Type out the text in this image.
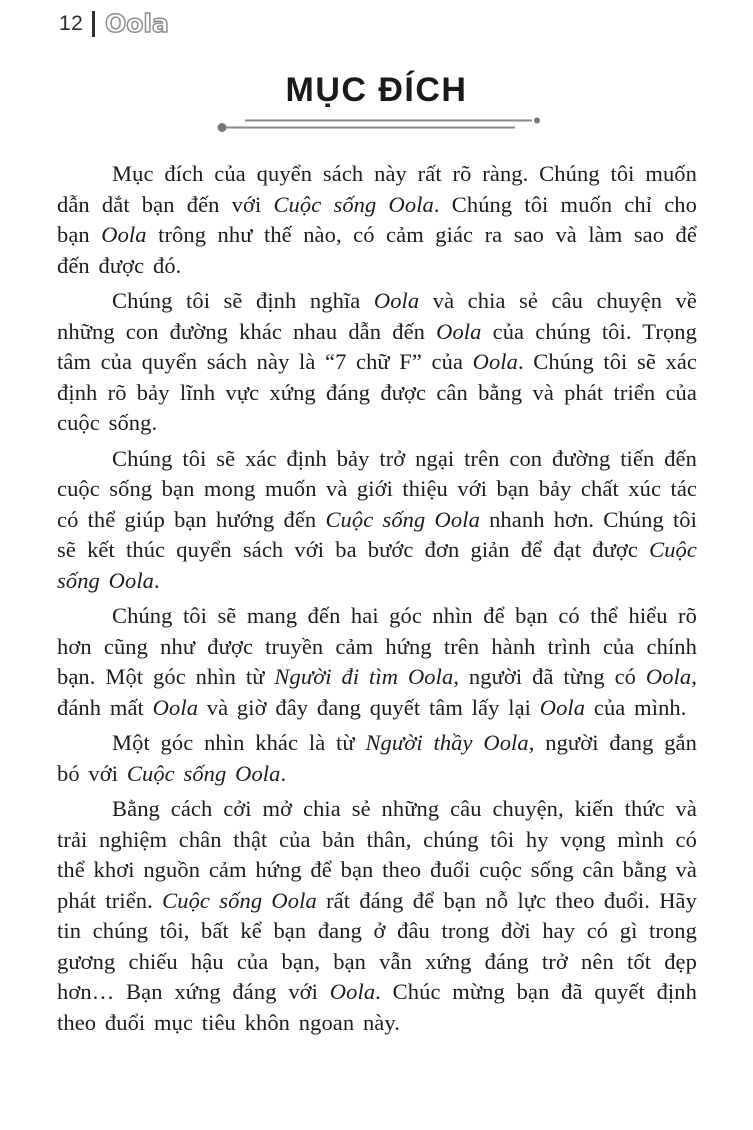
12 Oola
MỤC ĐÍCH

Mục đích của quyển sách này rất rõ ràng. Chúng tôi muốn dẫn dắt bạn đến với Cuộc sống Oola. Chúng tôi muốn chỉ cho bạn Oola trông như thế nào, có cảm giác ra sao và làm sao để đến được đó.

Chúng tôi sẽ định nghĩa Oola và chia sẻ câu chuyện về những con đường khác nhau dẫn đến Oola của chúng tôi. Trọng tâm của quyển sách này là “7 chữ F” của Oola. Chúng tôi sẽ xác định rõ bảy lĩnh vực xứng đáng được cân bằng và phát triển của cuộc sống.

Chúng tôi sẽ xác định bảy trở ngại trên con đường tiến đến cuộc sống bạn mong muốn và giới thiệu với bạn bảy chất xúc tác có thể giúp bạn hướng đến Cuộc sống Oola nhanh hơn. Chúng tôi sẽ kết thúc quyển sách với ba bước đơn giản để đạt được Cuộc sống Oola.

Chúng tôi sẽ mang đến hai góc nhìn để bạn có thể hiểu rõ hơn cũng như được truyền cảm hứng trên hành trình của chính bạn. Một góc nhìn từ Người đi tìm Oola, người đã từng có Oola, đánh mất Oola và giờ đây đang quyết tâm lấy lại Oola của mình.

Một góc nhìn khác là từ Người thầy Oola, người đang gắn bó với Cuộc sống Oola.

Bằng cách cởi mở chia sẻ những câu chuyện, kiến thức và trải nghiệm chân thật của bản thân, chúng tôi hy vọng mình có thể khơi nguồn cảm hứng để bạn theo đuổi cuộc sống cân bằng và phát triển. Cuộc sống Oola rất đáng để bạn nỗ lực theo đuổi. Hãy tin chúng tôi, bất kể bạn đang ở đâu trong đời hay có gì trong gương chiếu hậu của bạn, bạn vẫn xứng đáng trở nên tốt đẹp hơn… Bạn xứng đáng với Oola. Chúc mừng bạn đã quyết định theo đuổi mục tiêu khôn ngoan này.
